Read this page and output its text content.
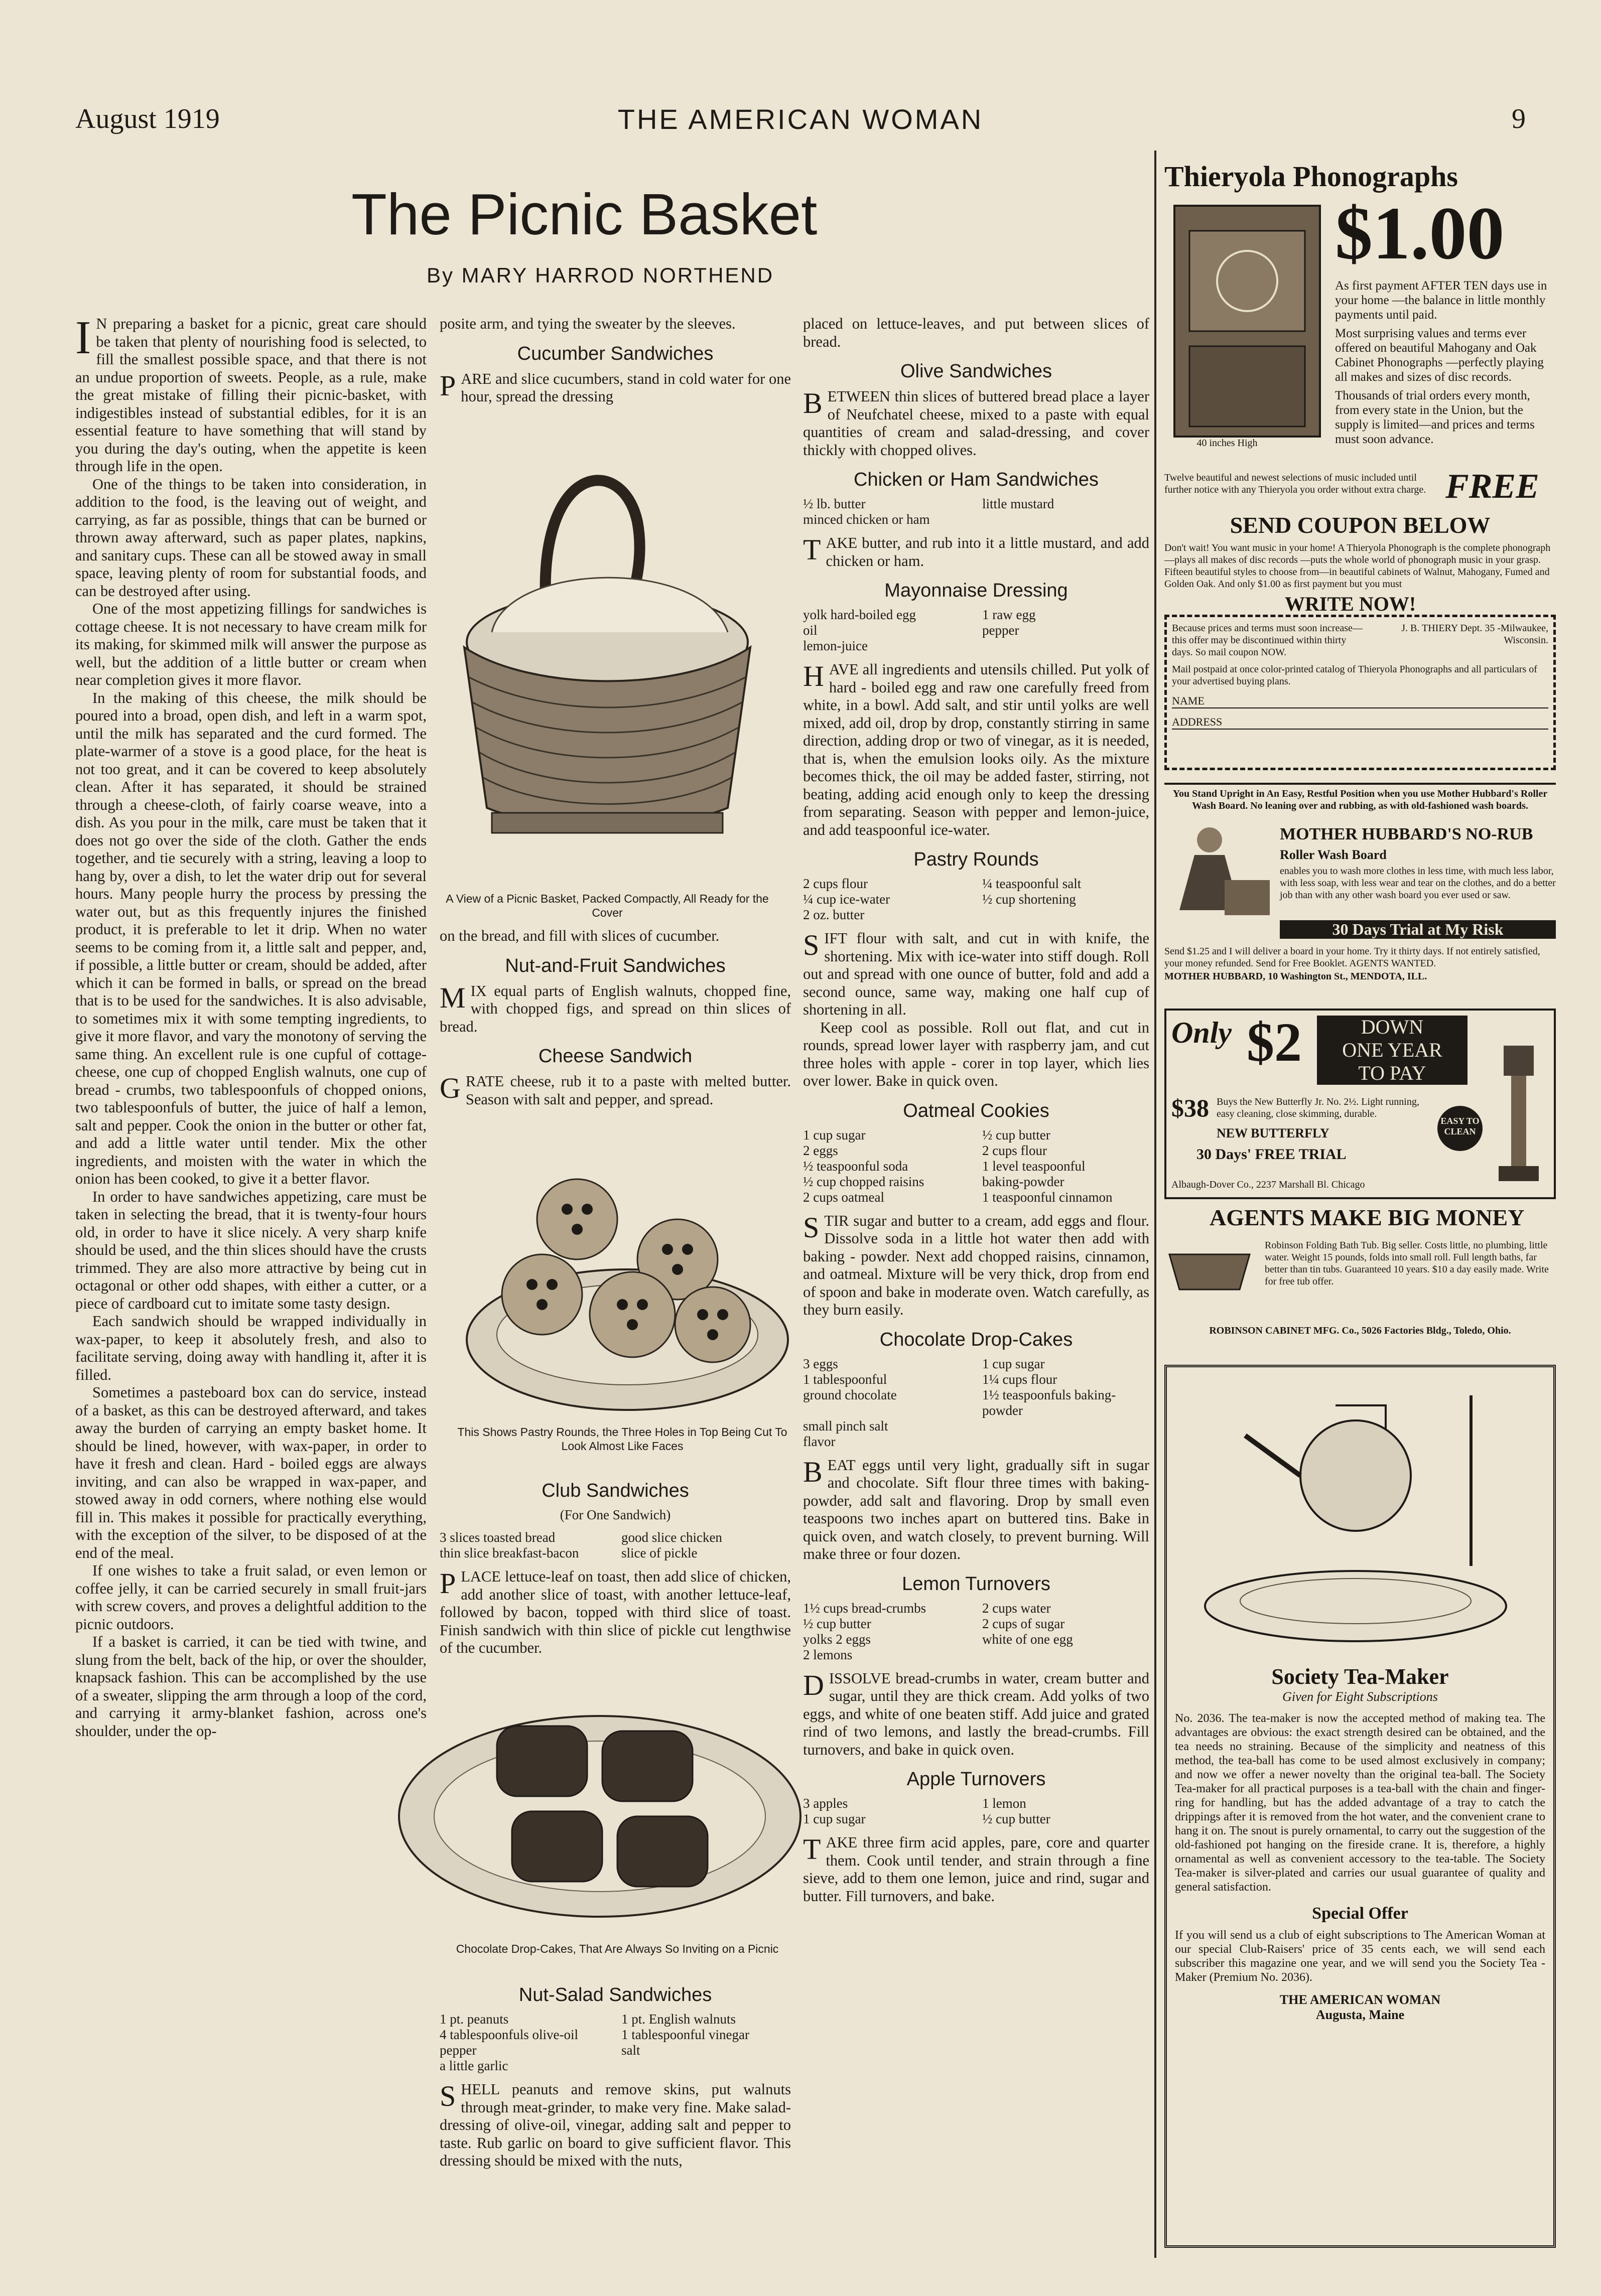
August 1919	THE AMERICAN WOMAN	9
The Picnic Basket
By MARY HARROD NORTHEND

I N preparing a basket for a picnic, great care should be taken that plenty of nourishing food is selected, to fill the smallest possible space, and that there is not an undue proportion of sweets. People, as a rule, make the great mistake of filling their picnic-basket, with indigestibles instead of substantial edibles, for it is an essential feature to have something that will stand by you during the day's outing, when the appetite is keen through life in the open.

One of the things to be taken into consideration, in addition to the food, is the leaving out of weight, and carrying, as far as possible, things that can be burned or thrown away afterward, such as paper plates, napkins, and sanitary cups. These can all be stowed away in small space, leaving plenty of room for substantial foods, and can be destroyed after using.

One of the most appetizing fillings for sandwiches is cottage cheese. It is not necessary to have cream milk for its making, for skimmed milk will answer the purpose as well, but the addition of a little butter or cream when near completion gives it more flavor.

In the making of this cheese, the milk should be poured into a broad, open dish, and left in a warm spot, until the milk has separated and the curd formed. The plate-warmer of a stove is a good place, for the heat is not too great, and it can be covered to keep absolutely clean. After it has separated, it should be strained through a cheese-cloth, of fairly coarse weave, into a dish. As you pour in the milk, care must be taken that it does not go over the side of the cloth. Gather the ends together, and tie securely with a string, leaving a loop to hang by, over a dish, to let the water drip out for several hours. Many people hurry the process by pressing the water out, but as this frequently injures the finished product, it is preferable to let it drip. When no water seems to be coming from it, a little salt and pepper, and, if possible, a little butter or cream, should be added, after which it can be formed in balls, or spread on the bread that is to be used for the sandwiches. It is also advisable, to sometimes mix it with some tempting ingredients, to give it more flavor, and vary the monotony of serving the same thing. An excellent rule is one cupful of cottage-cheese, one cup of chopped English walnuts, one cup of bread - crumbs, two tablespoonfuls of chopped onions, two tablespoonfuls of butter, the juice of half a lemon, salt and pepper. Cook the onion in the butter or other fat, and add a little water until tender. Mix the other ingredients, and moisten with the water in which the onion has been cooked, to give it a better flavor.

In order to have sandwiches appetizing, care must be taken in selecting the bread, that it is twenty-four hours old, in order to have it slice nicely. A very sharp knife should be used, and the thin slices should have the crusts trimmed. They are also more attractive by being cut in octagonal or other odd shapes, with either a cutter, or a piece of cardboard cut to imitate some tasty design.

Each sandwich should be wrapped individually in wax-paper, to keep it absolutely fresh, and also to facilitate serving, doing away with handling it, after it is filled.

Sometimes a pasteboard box can do service, instead of a basket, as this can be destroyed afterward, and takes away the burden of carrying an empty basket home. It should be lined, however, with wax-paper, in order to have it fresh and clean. Hard - boiled eggs are always inviting, and can also be wrapped in wax-paper, and stowed away in odd corners, where nothing else would fill in. This makes it possible for practically everything, with the exception of the silver, to be disposed of at the end of the meal.

If one wishes to take a fruit salad, or even lemon or coffee jelly, it can be carried securely in small fruit-jars with screw covers, and proves a delightful addition to the picnic outdoors.

If a basket is carried, it can be tied with twine, and slung from the belt, back of the hip, or over the shoulder, knapsack fashion. This can be accomplished by the use of a sweater, slipping the arm through a loop of the cord, and carrying it army-blanket fashion, across one's shoulder, under the op-

posite arm, and tying the sweater by the sleeves.

Cucumber Sandwiches

PARE and slice cucumbers, stand in cold water for one hour, spread the dressing

A View of a Picnic Basket, Packed Compactly, All Ready for the Cover

on the bread, and fill with slices of cucumber.

Nut-and-Fruit Sandwiches

MIX equal parts of English walnuts, chopped fine, with chopped figs, and spread on thin slices of bread.

Cheese Sandwich

GRATE cheese, rub it to a paste with melted butter. Season with salt and pepper, and spread.

This Shows Pastry Rounds, the Three Holes in Top Being Cut To Look Almost Like Faces
Club Sandwiches
(For One Sandwich)
3 slices toasted bread	good slice chicken
thin slice breakfast-bacon	slice of pickle

PLACE lettuce-leaf on toast, then add slice of chicken, add another slice of toast, with another lettuce-leaf, followed by bacon, topped with third slice of toast. Finish sandwich with thin slice of pickle cut lengthwise of the cucumber.

Chocolate Drop-Cakes, That Are Always So Inviting on a Picnic
Nut-Salad Sandwiches
1 pt. peanuts	1 pt. English walnuts
4 tablespoonfuls olive-oil	1 tablespoonful vinegar
pepper	salt
a little garlic

SHELL peanuts and remove skins, put walnuts through meat-grinder, to make very fine. Make salad-dressing of olive-oil, vinegar, adding salt and pepper to taste. Rub garlic on board to give sufficient flavor. This dressing should be mixed with the nuts,

placed on lettuce-leaves, and put between slices of bread.

Olive Sandwiches

BETWEEN thin slices of buttered bread place a layer of Neufchatel cheese, mixed to a paste with equal quantities of cream and salad-dressing, and cover thickly with chopped olives.

Chicken or Ham Sandwiches
½ lb. butter	little mustard
minced chicken or ham

TAKE butter, and rub into it a little mustard, and add chicken or ham.

Mayonnaise Dressing
yolk hard-boiled egg	1 raw egg
oil	pepper
lemon-juice

HAVE all ingredients and utensils chilled. Put yolk of hard - boiled egg and raw one carefully freed from white, in a bowl. Add salt, and stir until yolks are well mixed, add oil, drop by drop, constantly stirring in same direction, adding drop or two of vinegar, as it is needed, that is, when the emulsion looks oily. As the mixture becomes thick, the oil may be added faster, stirring, not beating, adding acid enough only to keep the dressing from separating. Season with pepper and lemon-juice, and add teaspoonful ice-water.

Pastry Rounds
2 cups flour	¼ teaspoonful salt
¼ cup ice-water	½ cup shortening
2 oz. butter

SIFT flour with salt, and cut in with knife, the shortening. Mix with ice-water into stiff dough. Roll out and spread with one ounce of butter, fold and add a second ounce, same way, making one half cup of shortening in all.

Keep cool as possible. Roll out flat, and cut in rounds, spread lower layer with raspberry jam, and cut three holes with apple - corer in top layer, which lies over lower. Bake in quick oven.

Oatmeal Cookies
1 cup sugar	½ cup butter
2 eggs	2 cups flour
½ teaspoonful soda	1 level teaspoonful
½ cup chopped raisins	baking-powder
2 cups oatmeal	1 teaspoonful cinnamon

STIR sugar and butter to a cream, add eggs and flour. Dissolve soda in a little hot water then add with baking - powder. Next add chopped raisins, cinnamon, and oatmeal. Mixture will be very thick, drop from end of spoon and bake in moderate oven. Watch carefully, as they burn easily.

Chocolate Drop-Cakes
3 eggs	1 cup sugar
1 tablespoonful	1¼ cups flour
ground chocolate	1½ teaspoonfuls baking-powder
small pinch salt
flavor

BEAT eggs until very light, gradually sift in sugar and chocolate. Sift flour three times with baking-powder, add salt and flavoring. Drop by small even teaspoons two inches apart on buttered tins. Bake in quick oven, and watch closely, to prevent burning. Will make three or four dozen.

Lemon Turnovers
1½ cups bread-crumbs	2 cups water
½ cup butter	2 cups of sugar
yolks 2 eggs	white of one egg
2 lemons

DISSOLVE bread-crumbs in water, cream butter and sugar, until they are thick cream. Add yolks of two eggs, and white of one beaten stiff. Add juice and grated rind of two lemons, and lastly the bread-crumbs. Fill turnovers, and bake in quick oven.

Apple Turnovers
3 apples	1 lemon
1 cup sugar	½ cup butter

TAKE three firm acid apples, pare, core and quarter them. Cook until tender, and strain through a fine sieve, add to them one lemon, juice and rind, sugar and butter. Fill turnovers, and bake.

Thieryola Phonographs
40 inches High
$1.00

As first payment AFTER TEN days use in your home —the balance in little monthly payments until paid.

Most surprising values and terms ever offered on beautiful Mahogany and Oak Cabinet Phonographs —perfectly playing all makes and sizes of disc records.

Thousands of trial orders every month, from every state in the Union, but the supply is limited—and prices and terms must soon advance.

Twelve beautiful and newest selections of music included until further notice with any Thieryola you order without extra charge. FREE
SEND COUPON BELOW
Don't wait! You want music in your home! A Thieryola Phonograph is the complete phonograph—plays all makes of disc records —puts the whole world of phonograph music in your grasp. Fifteen beautiful styles to choose from—in beautiful cabinets of Walnut, Mahogany, Fumed and Golden Oak. And only $1.00 as first payment but you must
WRITE NOW!
Because prices and terms must soon increase—this offer may be discontinued within thirty days. So mail coupon NOW.
J. B. THIERY Dept. 35 -Milwaukee, Wisconsin.
Mail postpaid at once color-printed catalog of Thieryola Phonographs and all particulars of your advertised buying plans.
NAME
ADDRESS
You Stand Upright in An Easy, Restful Position when you use Mother Hubbard's Roller Wash Board. No leaning over and rubbing, as with old-fashioned wash boards.
MOTHER HUBBARD'S NO-RUB
Roller Wash Board
enables you to wash more clothes in less time, with much less labor, with less soap, with less wear and tear on the clothes, and do a better job than with any other wash board you ever used or saw.
30 Days Trial at My Risk
Send $1.25 and I will deliver a board in your home. Try it thirty days. If not entirely satisfied, your money refunded. Send for Free Booklet. AGENTS WANTED.
MOTHER HUBBARD, 10 Washington St., MENDOTA, ILL.
Only $2	DOWN
ONE YEAR
TO PAY
$38 Buys the New Butterfly Jr. No. 2½. Light running, easy cleaning, close skimming, durable.
NEW BUTTERFLY
30 Days' FREE TRIAL
Albaugh-Dover Co., 2237 Marshall Bl. Chicago
EASY TO CLEAN
AGENTS MAKE BIG MONEY
Robinson Folding Bath Tub. Big seller. Costs little, no plumbing, little water. Weight 15 pounds, folds into small roll. Full length baths, far better than tin tubs. Guaranteed 10 years. $10 a day easily made. Write for free tub offer.
ROBINSON CABINET MFG. Co., 5026 Factories Bldg., Toledo, Ohio.
Society Tea-Maker
Given for Eight Subscriptions
No. 2036. The tea-maker is now the accepted method of making tea. The advantages are obvious: the exact strength desired can be obtained, and the tea needs no straining. Because of the simplicity and neatness of this method, the tea-ball has come to be used almost exclusively in company; and now we offer a newer novelty than the original tea-ball. The Society Tea-maker for all practical purposes is a tea-ball with the chain and finger-ring for handling, but has the added advantage of a tray to catch the drippings after it is removed from the hot water, and the convenient crane to hang it on. The snout is purely ornamental, to carry out the suggestion of the old-fashioned pot hanging on the fireside crane. It is, therefore, a highly ornamental as well as convenient accessory to the tea-table. The Society Tea-maker is silver-plated and carries our usual guarantee of quality and general satisfaction.
Special Offer
If you will send us a club of eight subscriptions to The American Woman at our special Club-Raisers' price of 35 cents each, we will send each subscriber this magazine one year, and we will send you the Society Tea - Maker (Premium No. 2036).
THE AMERICAN WOMAN
Augusta, Maine
